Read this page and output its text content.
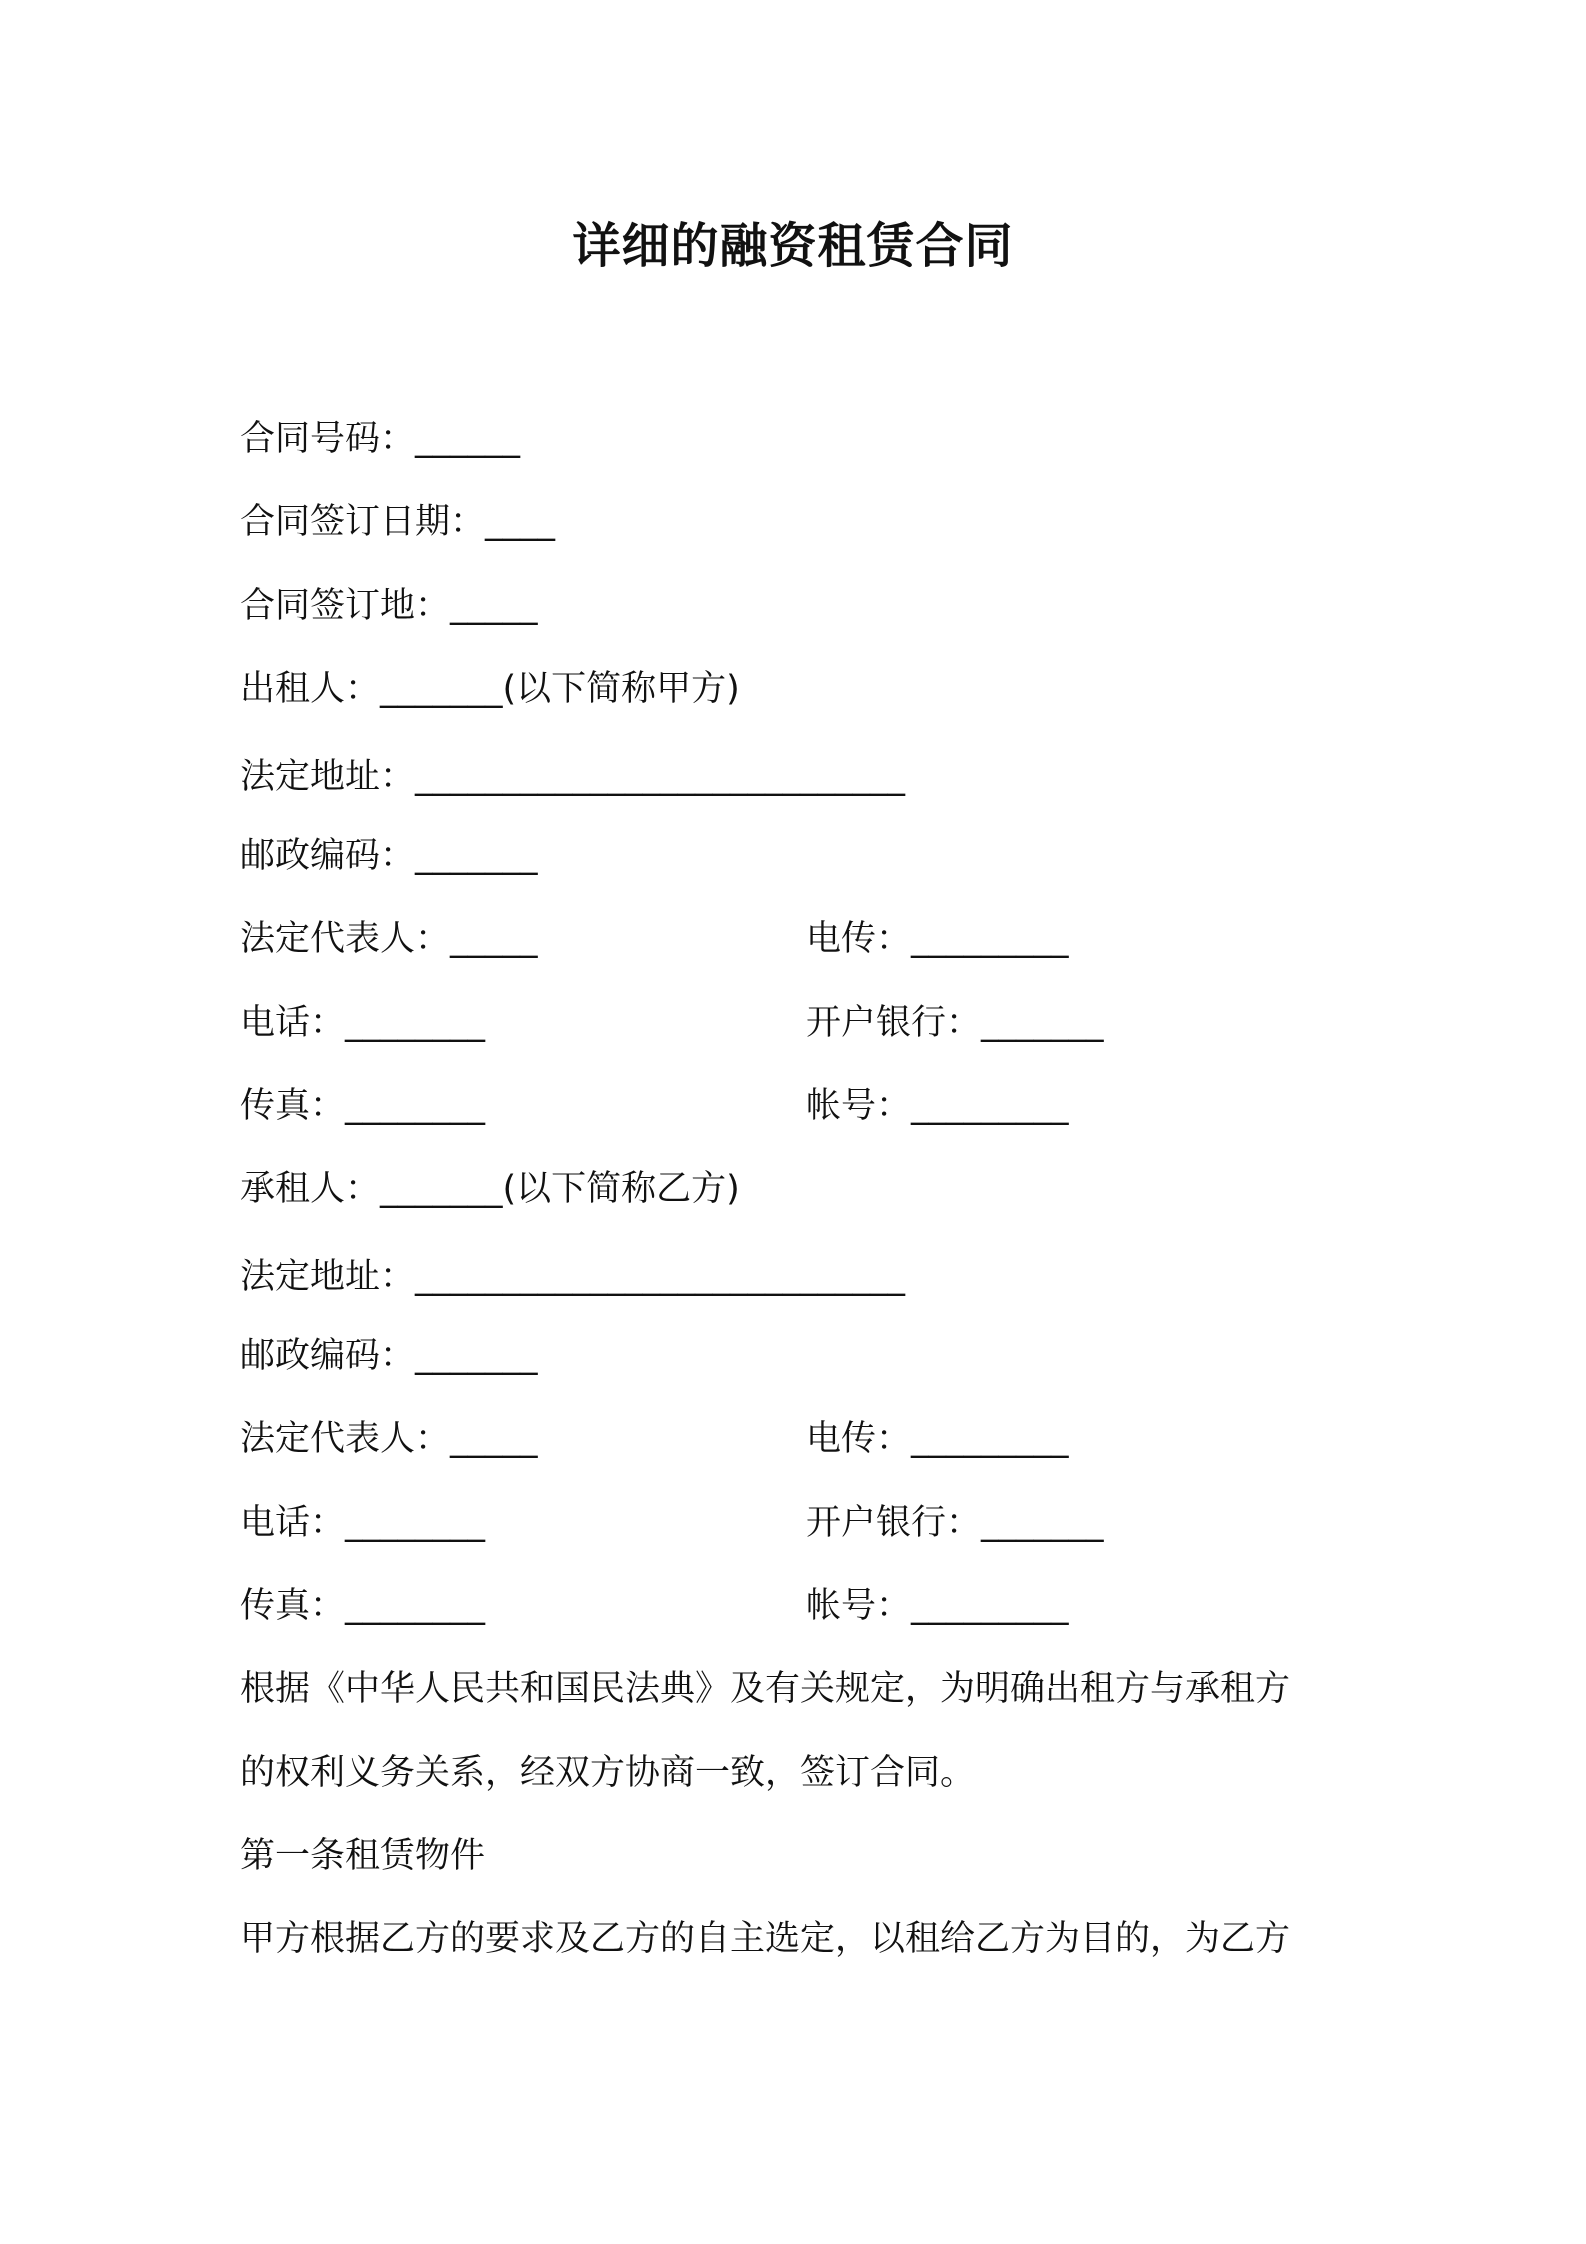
详细的融资租赁合同
合同号码：______
合同签订日期：____
合同签订地：_____
出租人：_______(以下简称甲方)
法定地址：____________________________
邮政编码：_______
法定代表人：_____	电传：_________
电话：________	开户银行：_______
传真：________	帐号：_________
承租人：_______(以下简称乙方)
法定地址：____________________________
邮政编码：_______
法定代表人：_____	电传：_________
电话：________	开户银行：_______
传真：________	帐号：_________
根据《中华人民共和国民法典》及有关规定，为明确出租方与承租方
的权利义务关系，经双方协商一致，签订合同。
第一条租赁物件
甲方根据乙方的要求及乙方的自主选定，以租给乙方为目的，为乙方
